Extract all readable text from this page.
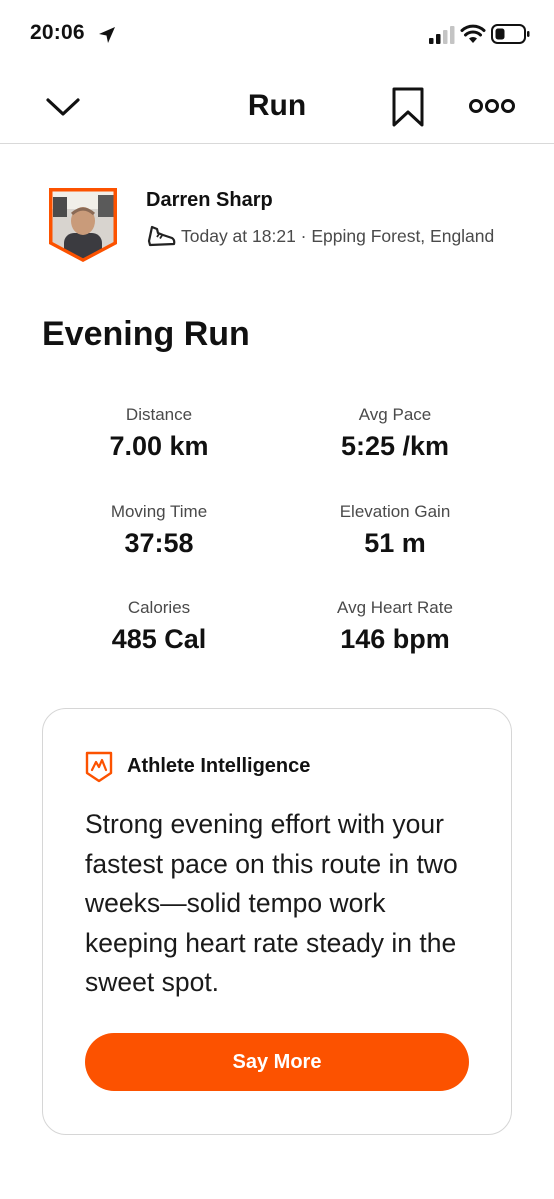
20:06
Run
Darren Sharp
Today at 18:21 · Epping Forest, England
Evening Run
Distance
7.00 km
Avg Pace
5:25 /km
Moving Time
37:58
Elevation Gain
51 m
Calories
485 Cal
Avg Heart Rate
146 bpm
Athlete Intelligence
Strong evening effort with your fastest pace on this route in two weeks—solid tempo work keeping heart rate steady in the sweet spot.
Say More
